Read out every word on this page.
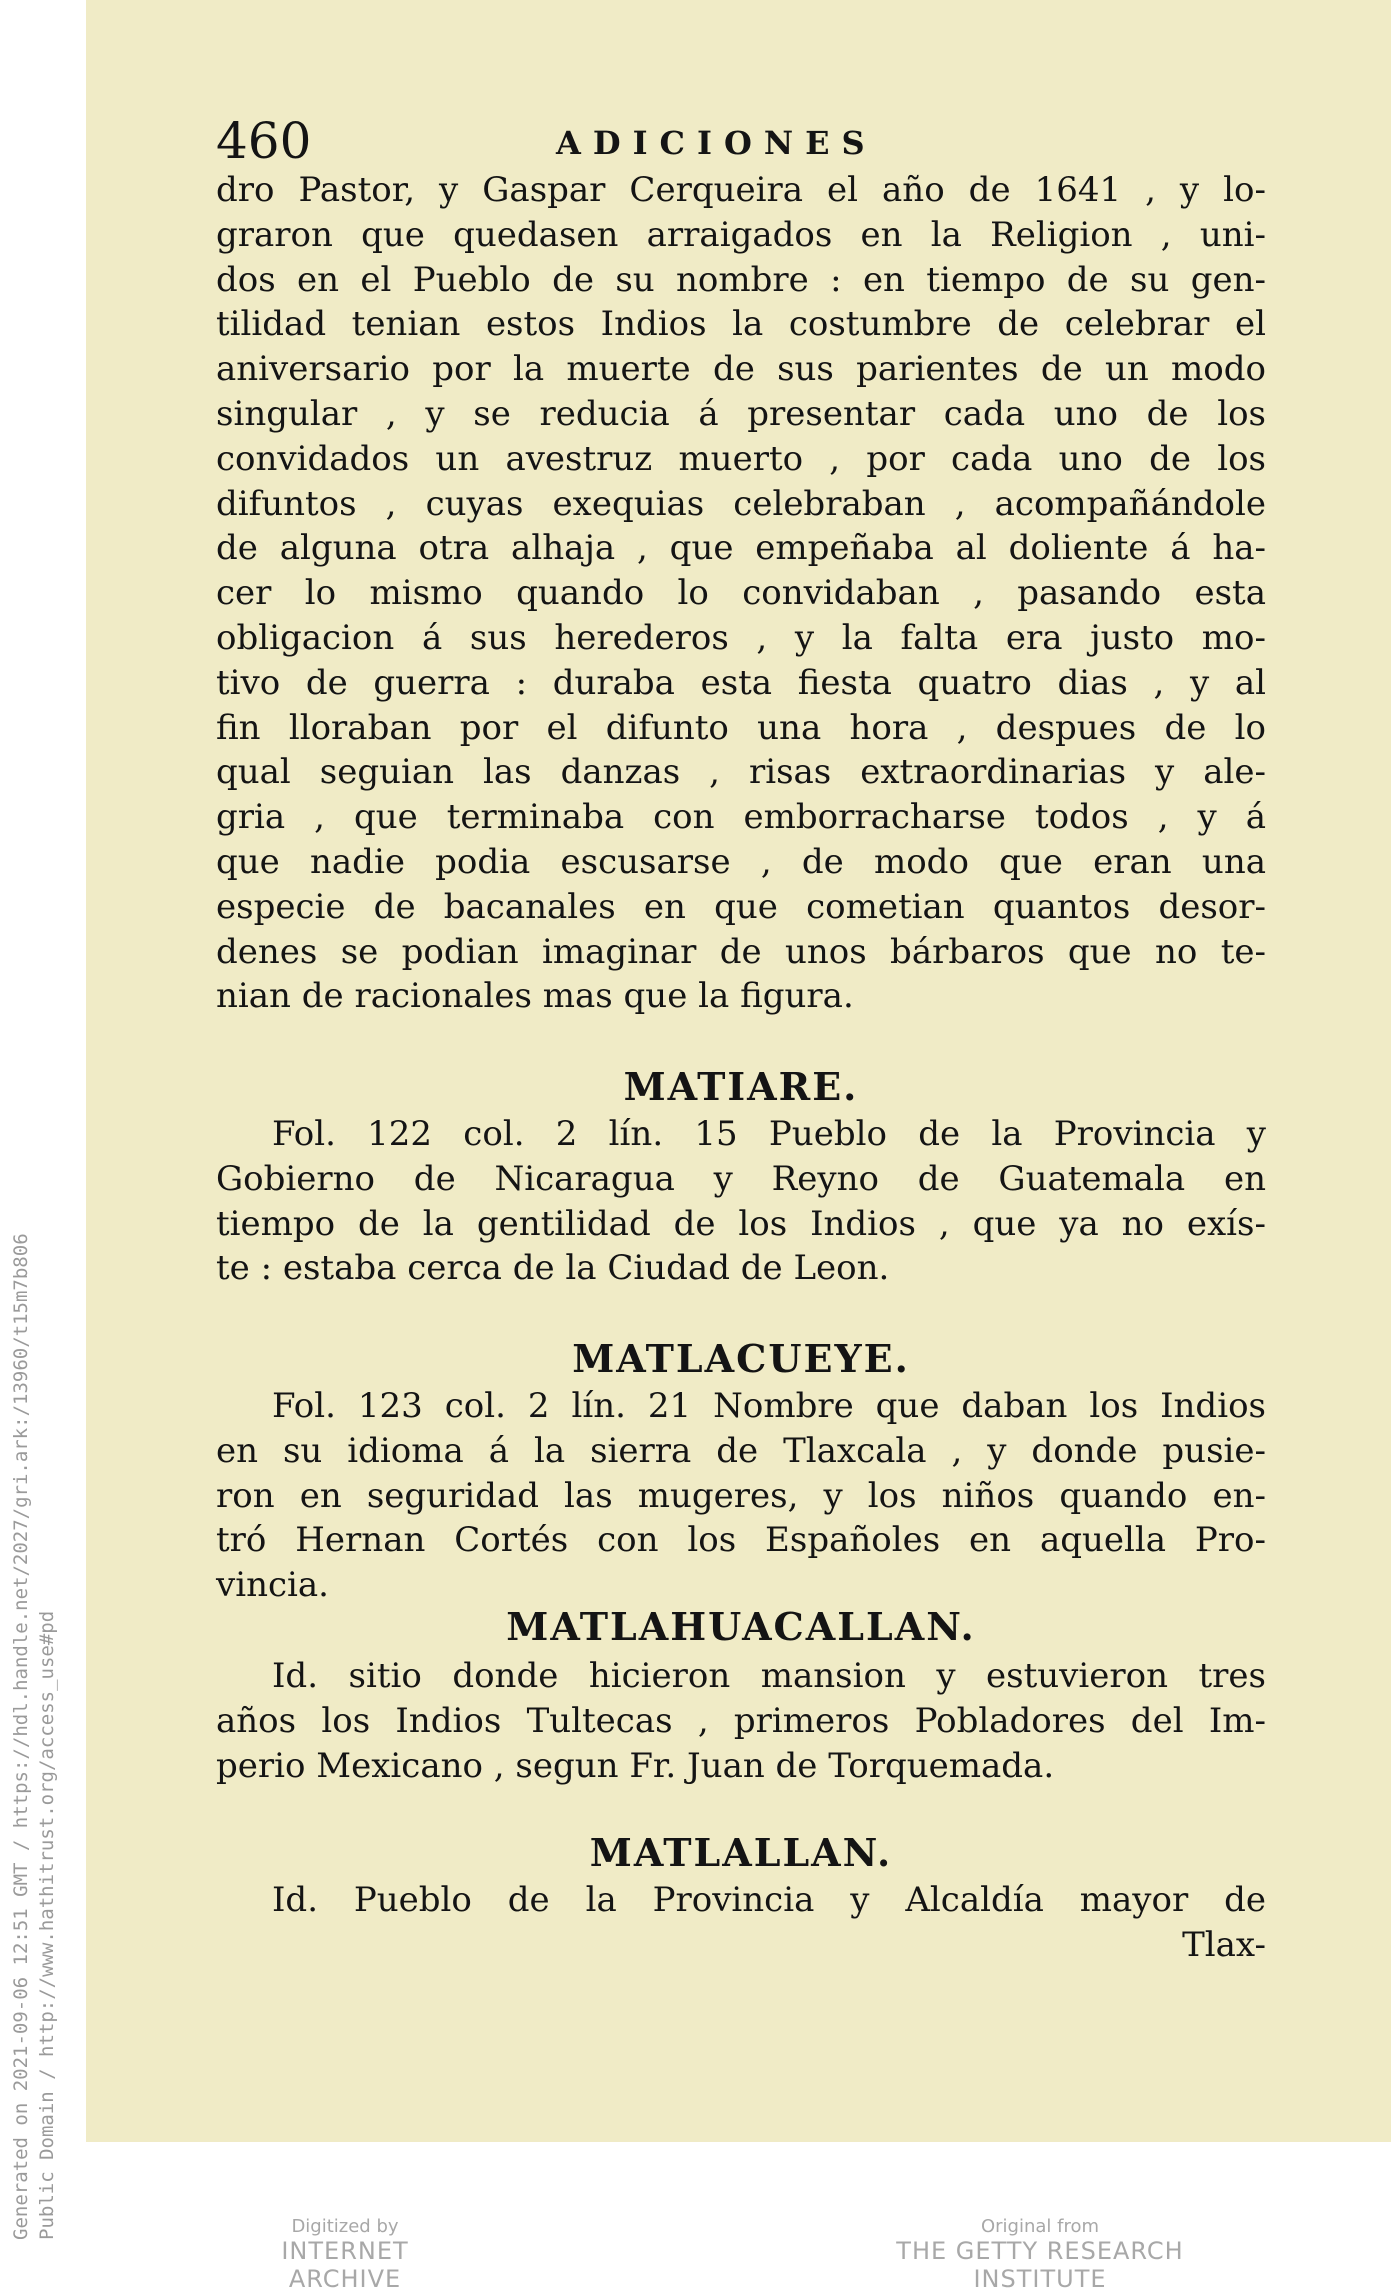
460	ADICIONES
dro Pastor, y Gaspar Cerqueira el año de 1641 , y lo-
graron que quedasen arraigados en la Religion , uni-
dos en el Pueblo de su nombre : en tiempo de su gen-
tilidad tenian estos Indios la costumbre de celebrar el
aniversario por la muerte de sus parientes de un modo
singular , y se reducia á presentar cada uno de los
convidados un avestruz muerto , por cada uno de los
difuntos , cuyas exequias celebraban , acompañándole
de alguna otra alhaja , que empeñaba al doliente á ha-
cer lo mismo quando lo convidaban , pasando esta
obligacion á sus herederos , y la falta era justo mo-
tivo de guerra : duraba esta fiesta quatro dias , y al
fin lloraban por el difunto una hora , despues de lo
qual seguian las danzas , risas extraordinarias y ale-
gria , que terminaba con emborracharse todos , y á
que nadie podia escusarse , de modo que eran una
especie de bacanales en que cometian quantos desor-
denes se podian imaginar de unos bárbaros que no te-
nian de racionales mas que la figura.
MATIARE.
Fol. 122 col. 2 lín. 15 Pueblo de la Provincia y
Gobierno de Nicaragua y Reyno de Guatemala en
tiempo de la gentilidad de los Indios , que ya no exís-
te : estaba cerca de la Ciudad de Leon.
MATLACUEYE.
Fol. 123 col. 2 lín. 21 Nombre que daban los Indios
en su idioma á la sierra de Tlaxcala , y donde pusie-
ron en seguridad las mugeres, y los niños quando en-
tró Hernan Cortés con los Españoles en aquella Pro-
vincia.
MATLAHUACALLAN.
Id. sitio donde hicieron mansion y estuvieron tres
años los Indios Tultecas , primeros Pobladores del Im-
perio Mexicano , segun Fr. Juan de Torquemada.
MATLALLAN.
Id. Pueblo de la Provincia y Alcaldía mayor de
Tlax-
Generated on 2021-09-06 12:51 GMT / https://hdl.handle.net/2027/gri.ark:/13960/t15m7b806 Public Domain / http://www.hathitrust.org/access_use#pd	Digitized by
INTERNET ARCHIVE
Original from
THE GETTY RESEARCH INSTITUTE
